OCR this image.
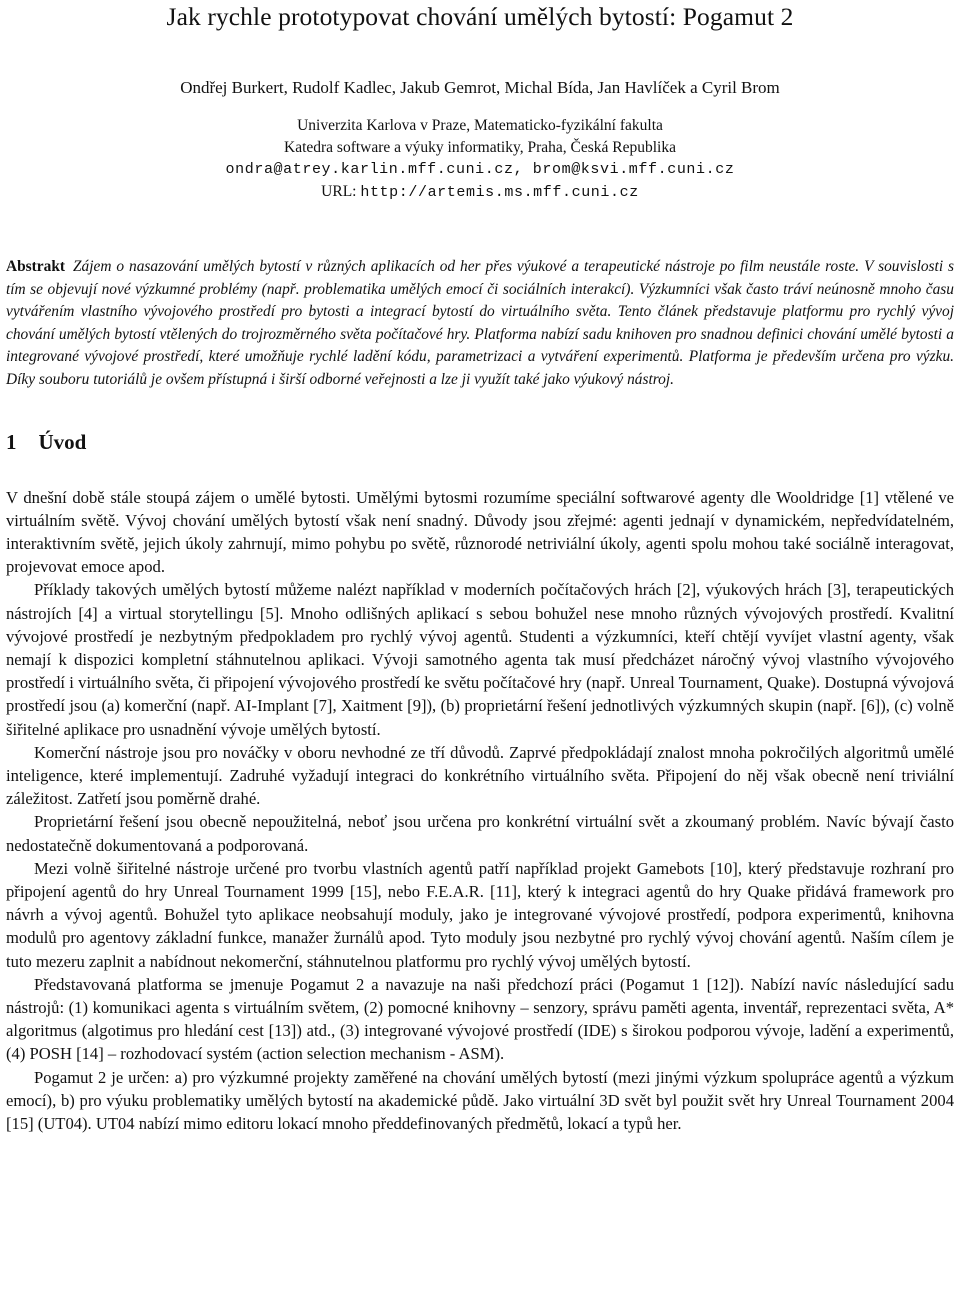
Jak rychle prototypovat chování umělých bytostí: Pogamut 2
Ondřej Burkert, Rudolf Kadlec, Jakub Gemrot, Michal Bída, Jan Havlíček a Cyril Brom
Univerzita Karlova v Praze, Matematicko-fyzikální fakulta
Katedra software a výuky informatiky, Praha, Česká Republika
ondra@atrey.karlin.mff.cuni.cz, brom@ksvi.mff.cuni.cz
URL: http://artemis.ms.mff.cuni.cz
Abstrakt Zájem o nasazování umělých bytostí v různých aplikacích od her přes výukové a terapeutické nástroje po film neustále roste. V souvislosti s tím se objevují nové výzkumné problémy (např. problematika umělých emocí či sociálních interakcí). Výzkumníci však často tráví neúnosně mnoho času vytvářením vlastního vývojového prostředí pro bytosti a integrací bytostí do virtuálního světa. Tento článek představuje platformu pro rychlý vývoj chování umělých bytostí vtělených do trojrozměrného světa počítačové hry. Platforma nabízí sadu knihoven pro snadnou definici chování umělé bytosti a integrované vývojové prostředí, které umožňuje rychlé ladění kódu, parametrizaci a vytváření experimentů. Platforma je především určena pro výzku. Díky souboru tutoriálů je ovšem přístupná i širší odborné veřejnosti a lze ji využít také jako výukový nástroj.
1 Úvod

V dnešní době stále stoupá zájem o umělé bytosti. Umělými bytosmi rozumíme speciální softwarové agenty dle Wooldridge [1] vtělené ve virtuálním světě. Vývoj chování umělých bytostí však není snadný. Důvody jsou zřejmé: agenti jednají v dynamickém, nepředvídatelném, interaktivním světě, jejich úkoly zahrnují, mimo pohybu po světě, různorodé netriviální úkoly, agenti spolu mohou také sociálně interagovat, projevovat emoce apod.

Příklady takových umělých bytostí můžeme nalézt například v moderních počítačových hrách [2], výukových hrách [3], terapeutických nástrojích [4] a virtual storytellingu [5]. Mnoho odlišných aplikací s sebou bohužel nese mnoho různých vývojových prostředí. Kvalitní vývojové prostředí je nezbytným předpokladem pro rychlý vývoj agentů. Studenti a výzkumníci, kteří chtějí vyvíjet vlastní agenty, však nemají k dispozici kompletní stáhnutelnou aplikaci. Vývoji samotného agenta tak musí předcházet náročný vývoj vlastního vývojového prostředí i virtuálního světa, či připojení vývojového prostředí ke světu počítačové hry (např. Unreal Tournament, Quake). Dostupná vývojová prostředí jsou (a) komerční (např. AI-Implant [7], Xaitment [9]), (b) proprietární řešení jednotlivých výzkumných skupin (např. [6]), (c) volně šiřitelné aplikace pro usnadnění vývoje umělých bytostí.

Komerční nástroje jsou pro nováčky v oboru nevhodné ze tří důvodů. Zaprvé předpokládají znalost mnoha pokročilých algoritmů umělé inteligence, které implementují. Zadruhé vyžadují integraci do konkrétního virtuálního světa. Připojení do něj však obecně není triviální záležitost. Zatřetí jsou poměrně drahé.

Proprietární řešení jsou obecně nepoužitelná, neboť jsou určena pro konkrétní virtuální svět a zkoumaný problém. Navíc bývají často nedostatečně dokumentovaná a podporovaná.

Mezi volně šiřitelné nástroje určené pro tvorbu vlastních agentů patří například projekt Gamebots [10], který představuje rozhraní pro připojení agentů do hry Unreal Tournament 1999 [15], nebo F.E.A.R. [11], který k integraci agentů do hry Quake přidává framework pro návrh a vývoj agentů. Bohužel tyto aplikace neobsahují moduly, jako je integrované vývojové prostředí, podpora experimentů, knihovna modulů pro agentovy základní funkce, manažer žurnálů apod. Tyto moduly jsou nezbytné pro rychlý vývoj chování agentů. Naším cílem je tuto mezeru zaplnit a nabídnout nekomerční, stáhnutelnou platformu pro rychlý vývoj umělých bytostí.

Představovaná platforma se jmenuje Pogamut 2 a navazuje na naši předchozí práci (Pogamut 1 [12]). Nabízí navíc následující sadu nástrojů: (1) komunikaci agenta s virtuálním světem, (2) pomocné knihovny – senzory, správu paměti agenta, inventář, reprezentaci světa, A* algoritmus (algotimus pro hledání cest [13]) atd., (3) integrované vývojové prostředí (IDE) s širokou podporou vývoje, ladění a experimentů, (4) POSH [14] – rozhodovací systém (action selection mechanism - ASM).

Pogamut 2 je určen: a) pro výzkumné projekty zaměřené na chování umělých bytostí (mezi jinými výzkum spolupráce agentů a výzkum emocí), b) pro výuku problematiky umělých bytostí na akademické půdě. Jako virtuální 3D svět byl použit svět hry Unreal Tournament 2004 [15] (UT04). UT04 nabízí mimo editoru lokací mnoho předdefinovaných předmětů, lokací a typů her.
